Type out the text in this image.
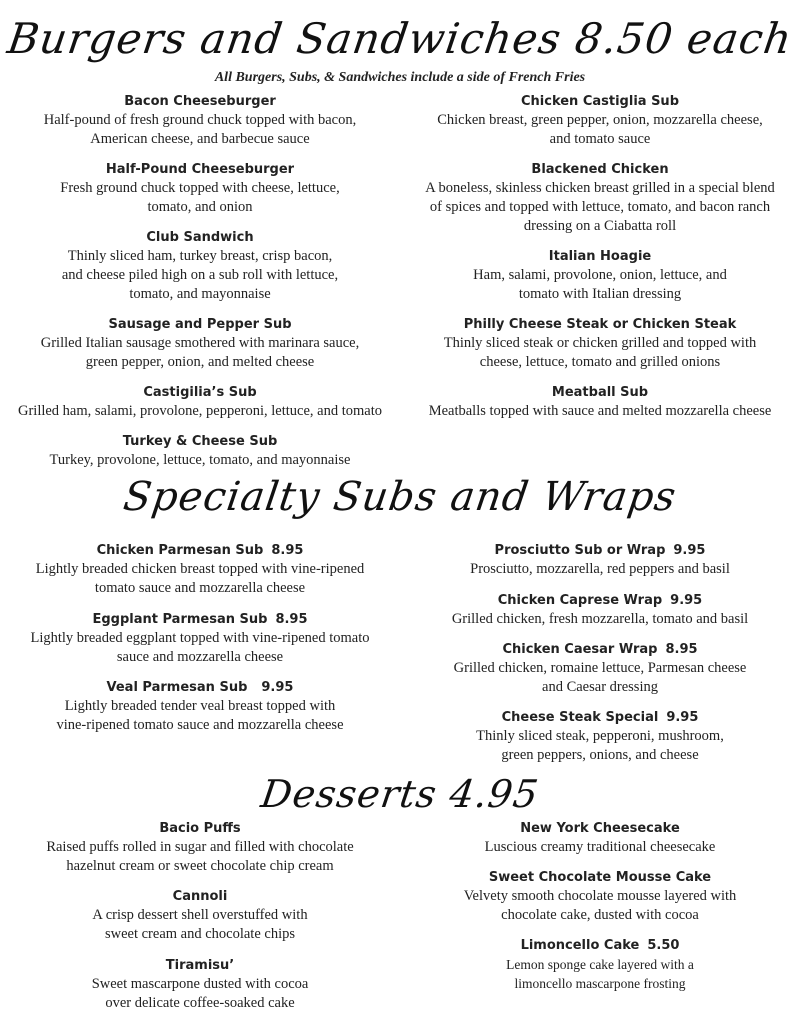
Burgers and Sandwiches 8.50 each
All Burgers, Subs, & Sandwiches include a side of French Fries
Bacon Cheeseburger
Half-pound of fresh ground chuck topped with bacon,
American cheese, and barbecue sauce
Half-Pound Cheeseburger
Fresh ground chuck topped with cheese, lettuce,
tomato, and onion
Club Sandwich
Thinly sliced ham, turkey breast, crisp bacon,
and cheese piled high on a sub roll with lettuce,
tomato, and mayonnaise
Sausage and Pepper Sub
Grilled Italian sausage smothered with marinara sauce,
green pepper, onion, and melted cheese
Castigilia’s Sub
Grilled ham, salami, provolone, pepperoni, lettuce, and tomato
Turkey & Cheese Sub
Turkey, provolone, lettuce, tomato, and mayonnaise
Chicken Castiglia Sub
Chicken breast, green pepper, onion, mozzarella cheese,
and tomato sauce
Blackened Chicken
A boneless, skinless chicken breast grilled in a special blend
of spices and topped with lettuce, tomato, and bacon ranch
dressing on a Ciabatta roll
Italian Hoagie
Ham, salami, provolone, onion, lettuce, and
tomato with Italian dressing
Philly Cheese Steak or Chicken Steak
Thinly sliced steak or chicken grilled and topped with
cheese, lettuce, tomato and grilled onions
Meatball Sub
Meatballs topped with sauce and melted mozzarella cheese
Specialty Subs and Wraps
Chicken Parmesan Sub 8.95
Lightly breaded chicken breast topped with vine-ripened
tomato sauce and mozzarella cheese
Eggplant Parmesan Sub 8.95
Lightly breaded eggplant topped with vine-ripened tomato
sauce and mozzarella cheese
Veal Parmesan Sub 9.95
Lightly breaded tender veal breast topped with
vine-ripened tomato sauce and mozzarella cheese
Prosciutto Sub or Wrap 9.95
Prosciutto, mozzarella, red peppers and basil
Chicken Caprese Wrap 9.95
Grilled chicken, fresh mozzarella, tomato and basil
Chicken Caesar Wrap 8.95
Grilled chicken, romaine lettuce, Parmesan cheese
and Caesar dressing
Cheese Steak Special 9.95
Thinly sliced steak, pepperoni, mushroom,
green peppers, onions, and cheese
Desserts 4.95
Bacio Puffs
Raised puffs rolled in sugar and filled with chocolate
hazelnut cream or sweet chocolate chip cream
Cannoli
A crisp dessert shell overstuffed with
sweet cream and chocolate chips
Tiramisu’
Sweet mascarpone dusted with cocoa
over delicate coffee-soaked cake
New York Cheesecake
Luscious creamy traditional cheesecake
Sweet Chocolate Mousse Cake
Velvety smooth chocolate mousse layered with
chocolate cake, dusted with cocoa
Limoncello Cake 5.50
Lemon sponge cake layered with a
limoncello mascarpone frosting
